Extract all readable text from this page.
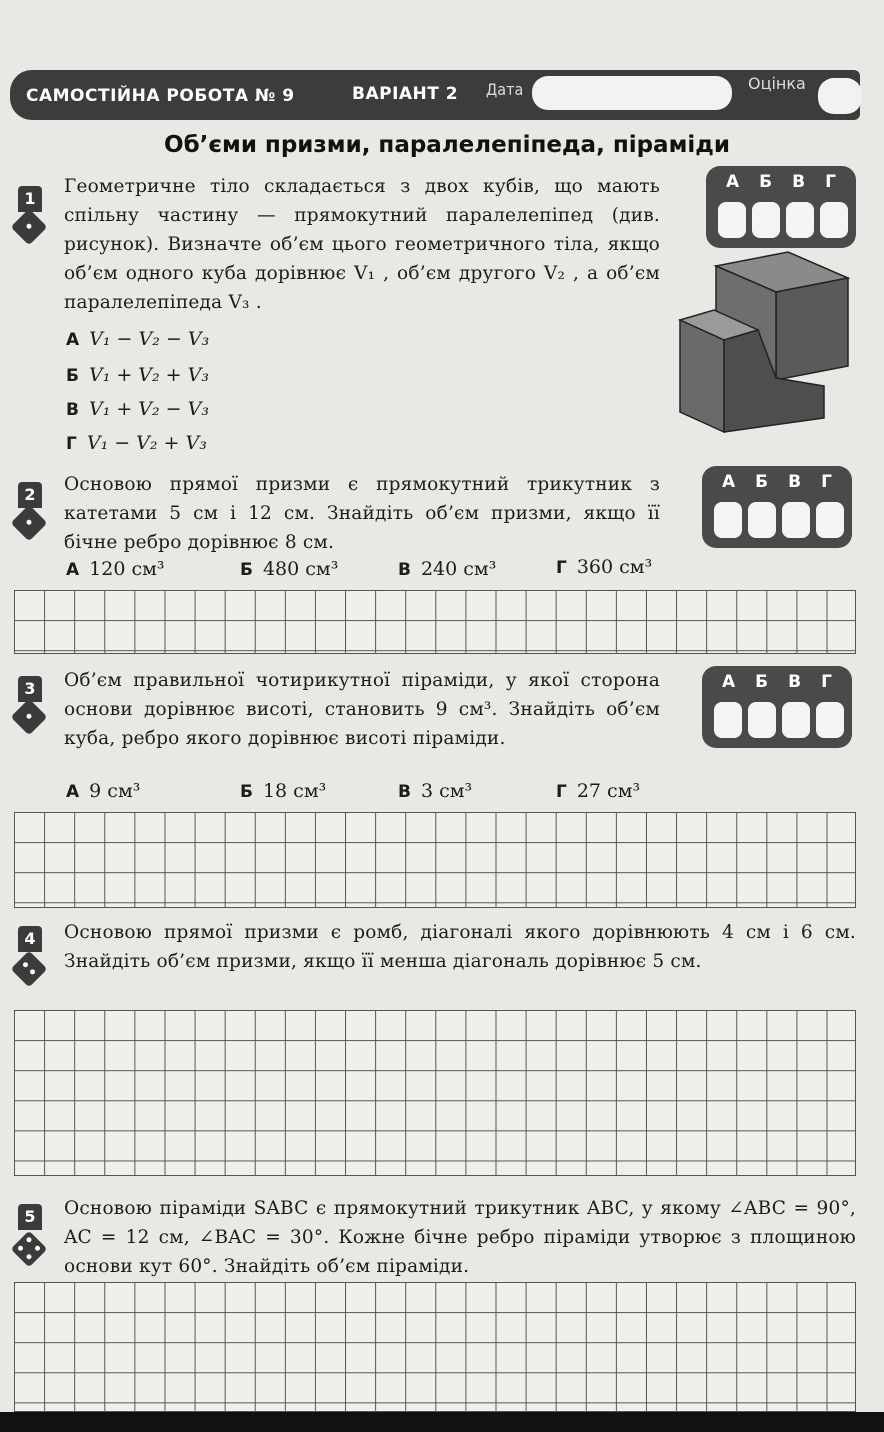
САМОСТІЙНА РОБОТА № 9	ВАРІАНТ 2 Дата	Оцінка
Об’єми призми, паралелепіпеда, піраміди
1
Геометричне тіло складається з двох кубів, що мають спільну частину — прямокутний паралелепіпед (див. рисунок). Визначте об’єм цього геометричного тіла, якщо об’єм одного куба дорівнює V₁ , об’єм другого V₂ , а об’єм паралелепіпеда V₃ .
А V₁ − V₂ − V₃
Б V₁ + V₂ + V₃
В V₁ + V₂ − V₃
Г V₁ − V₂ + V₃
А Б В Г
2	Основою прямої призми є прямокутний трикутник з катетами 5 см і 12 см. Знайдіть об’єм призми, якщо її бічне ребро дорівнює 8 см.
А 120 см³	Б 480 см³	В 240 см³	Г 360 см³
А Б В Г
3	Об’єм правильної чотирикутної піраміди, у якої сторона основи дорівнює висоті, становить 9 см³. Знайдіть об’єм куба, ребро якого дорівнює висоті піраміди.
А 9 см³	Б 18 см³	В 3 см³	Г 27 см³
А Б В Г
4	Основою прямої призми є ромб, діагоналі якого дорівнюють 4 см і 6 см. Знайдіть об’єм призми, якщо її менша діагональ дорівнює 5 см.
5	Основою піраміди SABC є прямокутний трикутник ABC, у якому ∠ABC = 90°, AC = 12 см, ∠BAC = 30°. Кожне бічне ребро піраміди утворює з площиною основи кут 60°. Знайдіть об’єм піраміди.
